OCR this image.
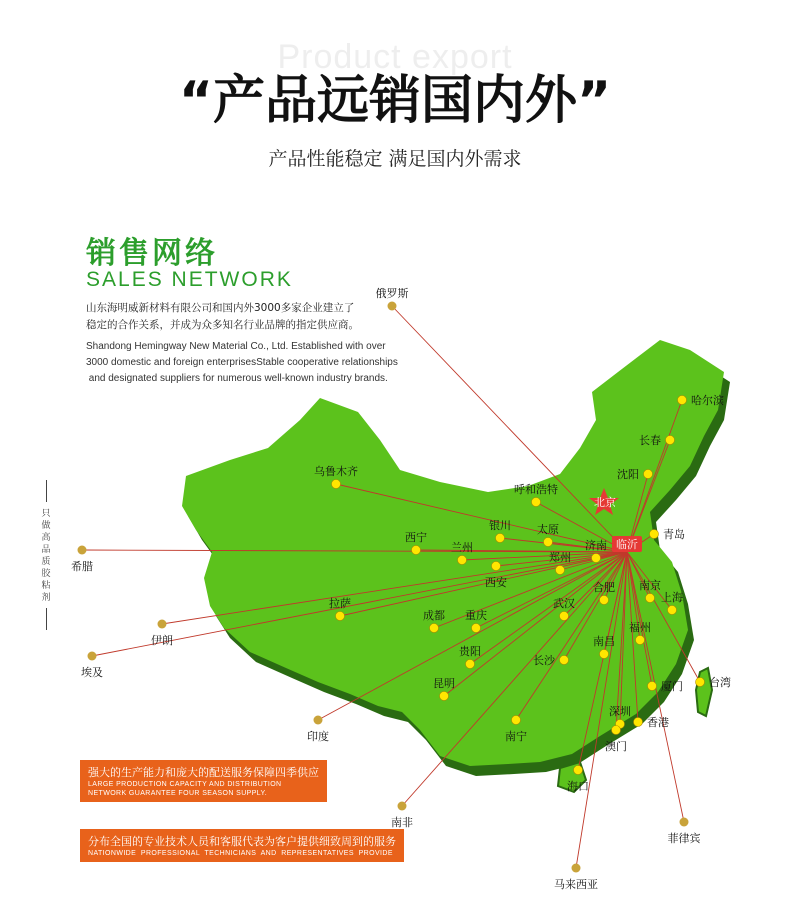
Product export
“产品远销国内外”
产品性能稳定 满足国内外需求
销售网络
SALES NETWORK
山东海明威新材料有限公司和国内外3000多家企业建立了
稳定的合作关系，并成为众多知名行业品牌的指定供应商。
Shandong Hemingway New Material Co., Ltd. Established with over
3000 domestic and foreign enterprisesStable cooperative relationships
and designated suppliers for numerous well-known industry brands.
只做高品质胶粘剂
哈尔滨
长春
沈阳
呼和浩特
乌鲁木齐
银川 太原
济南
青岛
西宁
兰州
郑州
西安	南京
合肥
上海
拉萨
成都 重庆
武汉
福州
南昌
贵阳
长沙
台湾
厦门
昆明
深圳
南宁
香港
澳门
海口
俄罗斯
希腊
伊朗
埃及
印度
南非
菲律宾
马来西亚
北京
临沂
强大的生产能力和庞大的配送服务保障四季供应
LARGE PRODUCTION CAPACITY AND DISTRIBUTION
NETWORK GUARANTEE FOUR SEASON SUPPLY.
分布全国的专业技术人员和客服代表为客户提供细致周到的服务
NATIONWIDE  PROFESSIONAL  TECHNICIANS  AND  REPRESENTATIVES  PROVIDE
